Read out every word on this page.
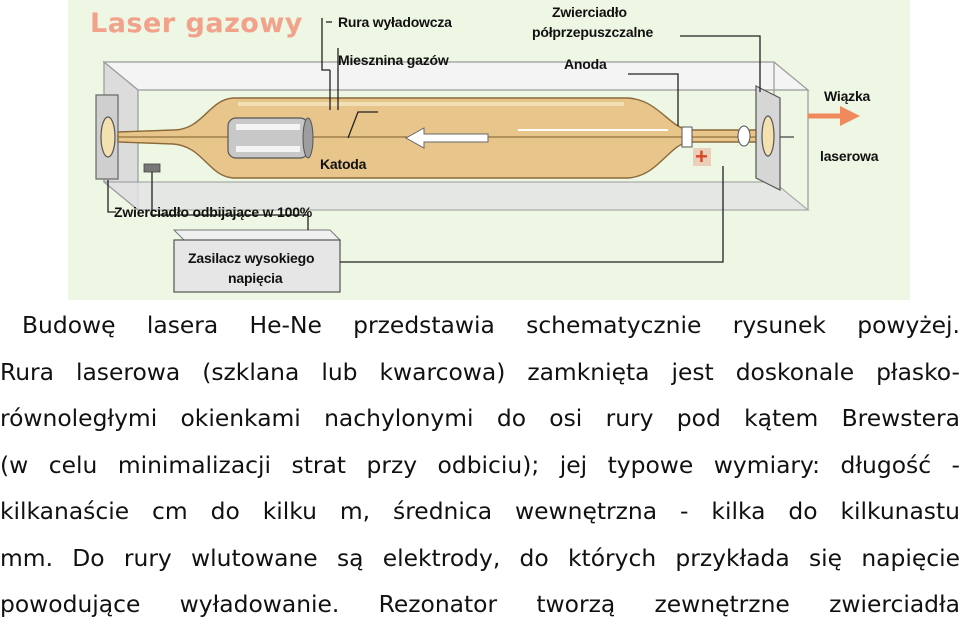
Laser gazowy	Rura wyładowcza
Miesznina gazów
Zwierciadło
półprzepuszczalne
Anoda
Wiązka
laserowa
Katoda
Zwierciadło odbijające w 100%
Zasilacz wysokiego
napięcia
+
Budowę lasera He-Ne przedstawia schematycznie rysunek powyżej.
Rura laserowa (szklana lub kwarcowa) zamknięta jest doskonale płasko-
równoległymi okienkami nachylonymi do osi rury pod kątem Brewstera
(w celu minimalizacji strat przy odbiciu); jej typowe wymiary: długość -
kilkanaście cm do kilku m, średnica wewnętrzna - kilka do kilkunastu
mm. Do rury wlutowane są elektrody, do których przykłada się napięcie
powodujące wyładowanie. Rezonator tworzą zewnętrzne zwierciadła
